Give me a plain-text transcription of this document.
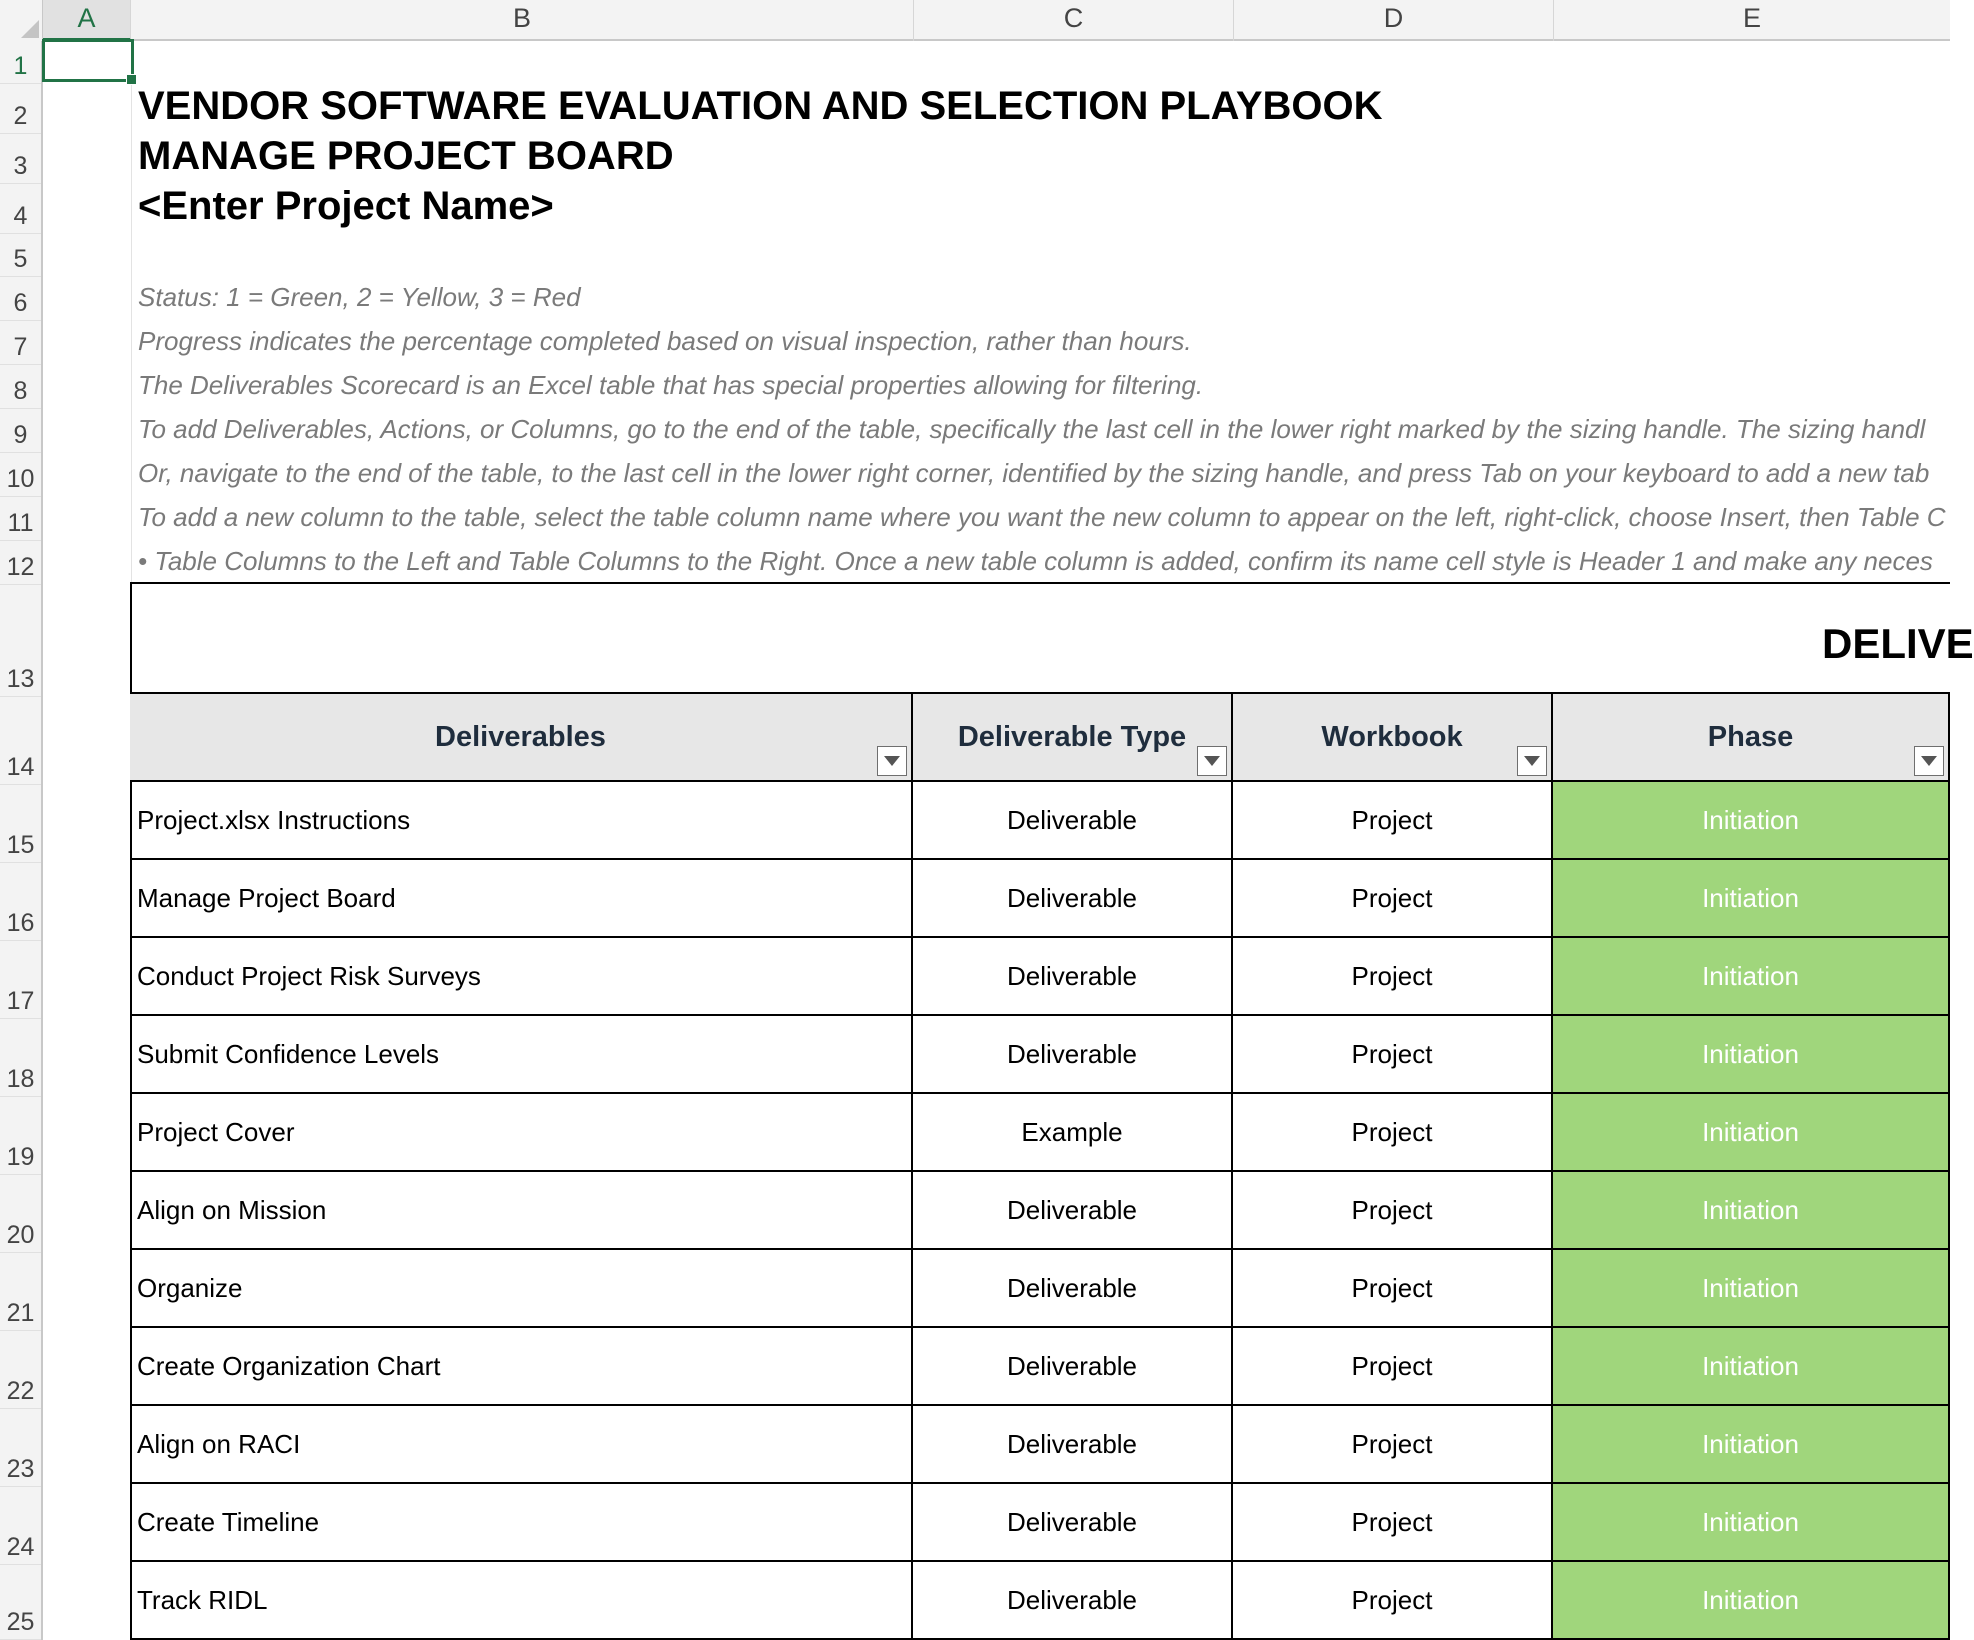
A	B	C	D	E
1
2
3
4
5
6
7
8
9
10
11
12
13
14
15
16
17
18
19
20
21
22
23
24
25
VENDOR SOFTWARE EVALUATION AND SELECTION PLAYBOOK
MANAGE PROJECT BOARD
<Enter Project Name>
Status: 1 = Green, 2 = Yellow, 3 = Red
Progress indicates the percentage completed based on visual inspection, rather than hours.
The Deliverables Scorecard is an Excel table that has special properties allowing for filtering.
To add Deliverables, Actions, or Columns, go to the end of the table, specifically the last cell in the lower right marked by the sizing handle. The sizing handl
Or, navigate to the end of the table, to the last cell in the lower right corner, identified by the sizing handle, and press Tab on your keyboard to add a new tab
To add a new column to the table, select the table column name where you want the new column to appear on the left, right-click, choose Insert, then Table C
• Table Columns to the Left and Table Columns to the Right. Once a new table column is added, confirm its name cell style is Header 1 and make any neces
DELIVE
Deliverables	Deliverable Type	Workbook	Phase
Project.xlsx Instructions	Deliverable	Project	Initiation
Manage Project Board	Deliverable	Project	Initiation
Conduct Project Risk Surveys	Deliverable	Project	Initiation
Submit Confidence Levels	Deliverable	Project	Initiation
Project Cover	Example	Project	Initiation
Align on Mission	Deliverable	Project	Initiation
Organize	Deliverable	Project	Initiation
Create Organization Chart	Deliverable	Project	Initiation
Align on RACI	Deliverable	Project	Initiation
Create Timeline	Deliverable	Project	Initiation
Track RIDL	Deliverable	Project	Initiation
